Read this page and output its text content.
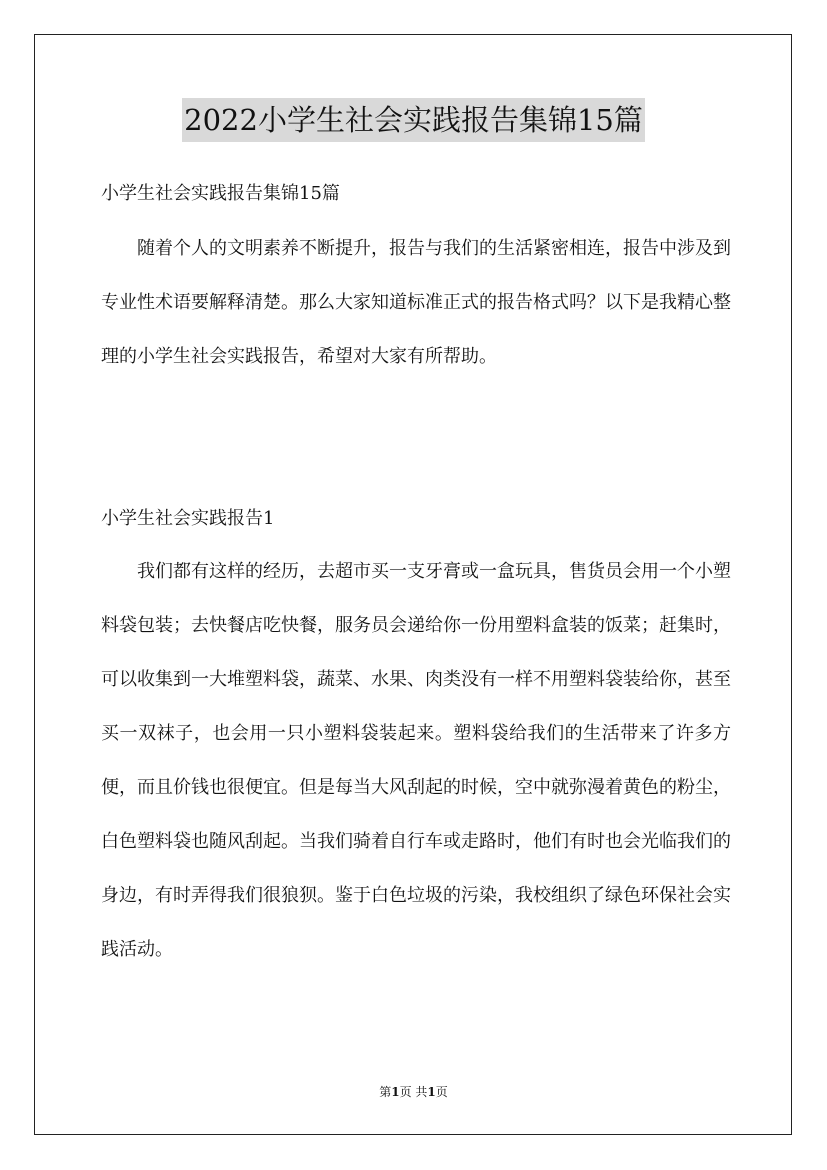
2022小学生社会实践报告集锦15篇
小学生社会实践报告集锦15篇

随着个人的文明素养不断提升，报告与我们的生活紧密相连，报告中涉及到专业性术语要解释清楚。那么大家知道标准正式的报告格式吗？以下是我精心整理的小学生社会实践报告，希望对大家有所帮助。

小学生社会实践报告1

我们都有这样的经历，去超市买一支牙膏或一盒玩具，售货员会用一个小塑料袋包装；去快餐店吃快餐，服务员会递给你一份用塑料盒装的饭菜；赶集时，可以收集到一大堆塑料袋，蔬菜、水果、肉类没有一样不用塑料袋装给你，甚至买一双袜子，也会用一只小塑料袋装起来。塑料袋给我们的生活带来了许多方便，而且价钱也很便宜。但是每当大风刮起的时候，空中就弥漫着黄色的粉尘，白色塑料袋也随风刮起。当我们骑着自行车或走路时，他们有时也会光临我们的身边，有时弄得我们很狼狈。鉴于白色垃圾的污染，我校组织了绿色环保社会实践活动。

第1页 共1页
